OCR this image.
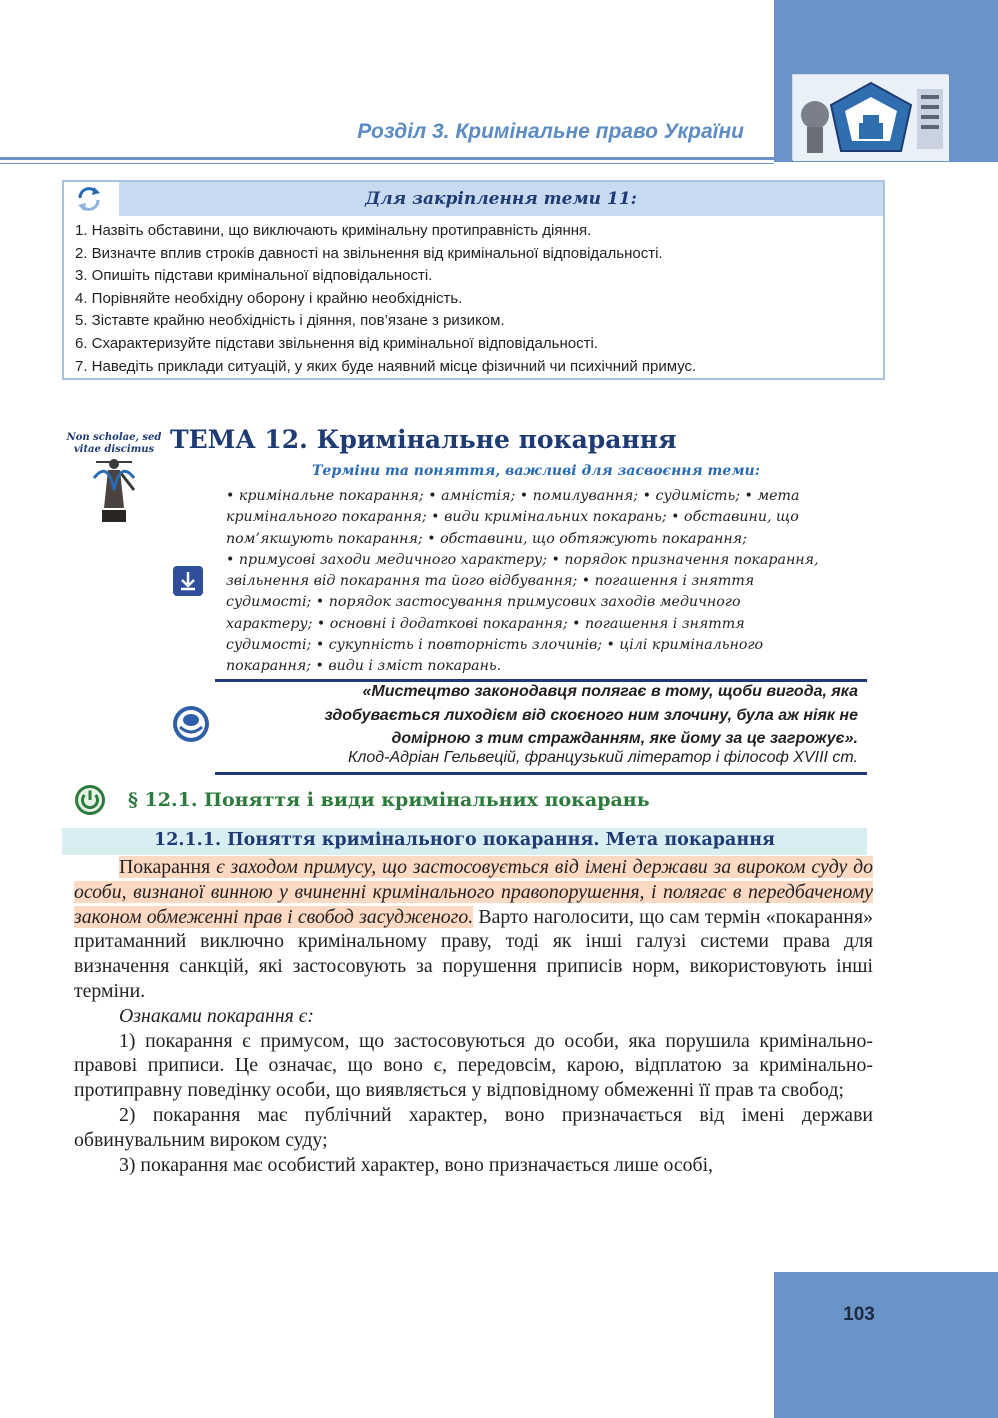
103
Розділ 3. Кримінальне право України
Для закріплення теми 11:
1. Назвіть обставини, що виключають кримінальну протиправність діяння.
2. Визначте вплив строків давності на звільнення від кримінальної відповідальності.
3. Опишіть підстави кримінальної відповідальності.
4. Порівняйте необхідну оборону і крайню необхідність.
5. Зіставте крайню необхідність і діяння, пов’язане з ризиком.
6. Схарактеризуйте підстави звільнення від кримінальної відповідальності.
7. Наведіть приклади ситуацій, у яких буде наявний місце фізичний чи психічний примус.
Non scholae, sed
vitae discimus ТЕМА 12. Кримінальне покарання
Терміни та поняття, важливі для засвоєння теми:

• кримінальне покарання; • амністія; • помилування; • судимість; • мета

кримінального покарання; • види кримінальних покарань; • обставини, що

пом’якшують покарання; • обставини, що обтяжують покарання;

• примусові заходи медичного характеру; • порядок призначення покарання,

звільнення від покарання та його відбування; • погашення і зняття

судимості; • порядок застосування примусових заходів медичного

характеру; • основні і додаткові покарання; • погашення і зняття

судимості; • сукупність і повторність злочинів; • цілі кримінального

покарання; • види і зміст покарань.

«Мистецтво законодавця полягає в тому, щоби вигода, яка
здобувається лиходієм від скоєного ним злочину, була аж ніяк не
домірною з тим стражданням, яке йому за це загрожує».
Клод-Адріан Гельвецій, французький літератор і філософ XVIII ст.
§ 12.1. Поняття і види кримінальних покарань
12.1.1. Поняття кримінального покарання. Мета покарання

Покарання є заходом примусу, що застосовується від імені держави за вироком суду до особи, визнаної винною у вчиненні кримінального правопорушення, і полягає в передбаченому законом обмеженні прав і свобод засудженого. Варто наголосити, що сам термін «покарання» притаманний виключно кримінальному праву, тоді як інші галузі системи права для визначення санкцій, які застосовують за порушення приписів норм, використовують інші терміни.

Ознаками покарання є:

1) покарання є примусом, що застосовуються до особи, яка порушила кримінально-правові приписи. Це означає, що воно є, передовсім, карою, відплатою за кримінально-протиправну поведінку особи, що виявляється у відповідному обмеженні її прав та свобод;

2) покарання має публічний характер, воно призначається від імені держави обвинувальним вироком суду;

3) покарання має особистий характер, воно призначається лише особі,
